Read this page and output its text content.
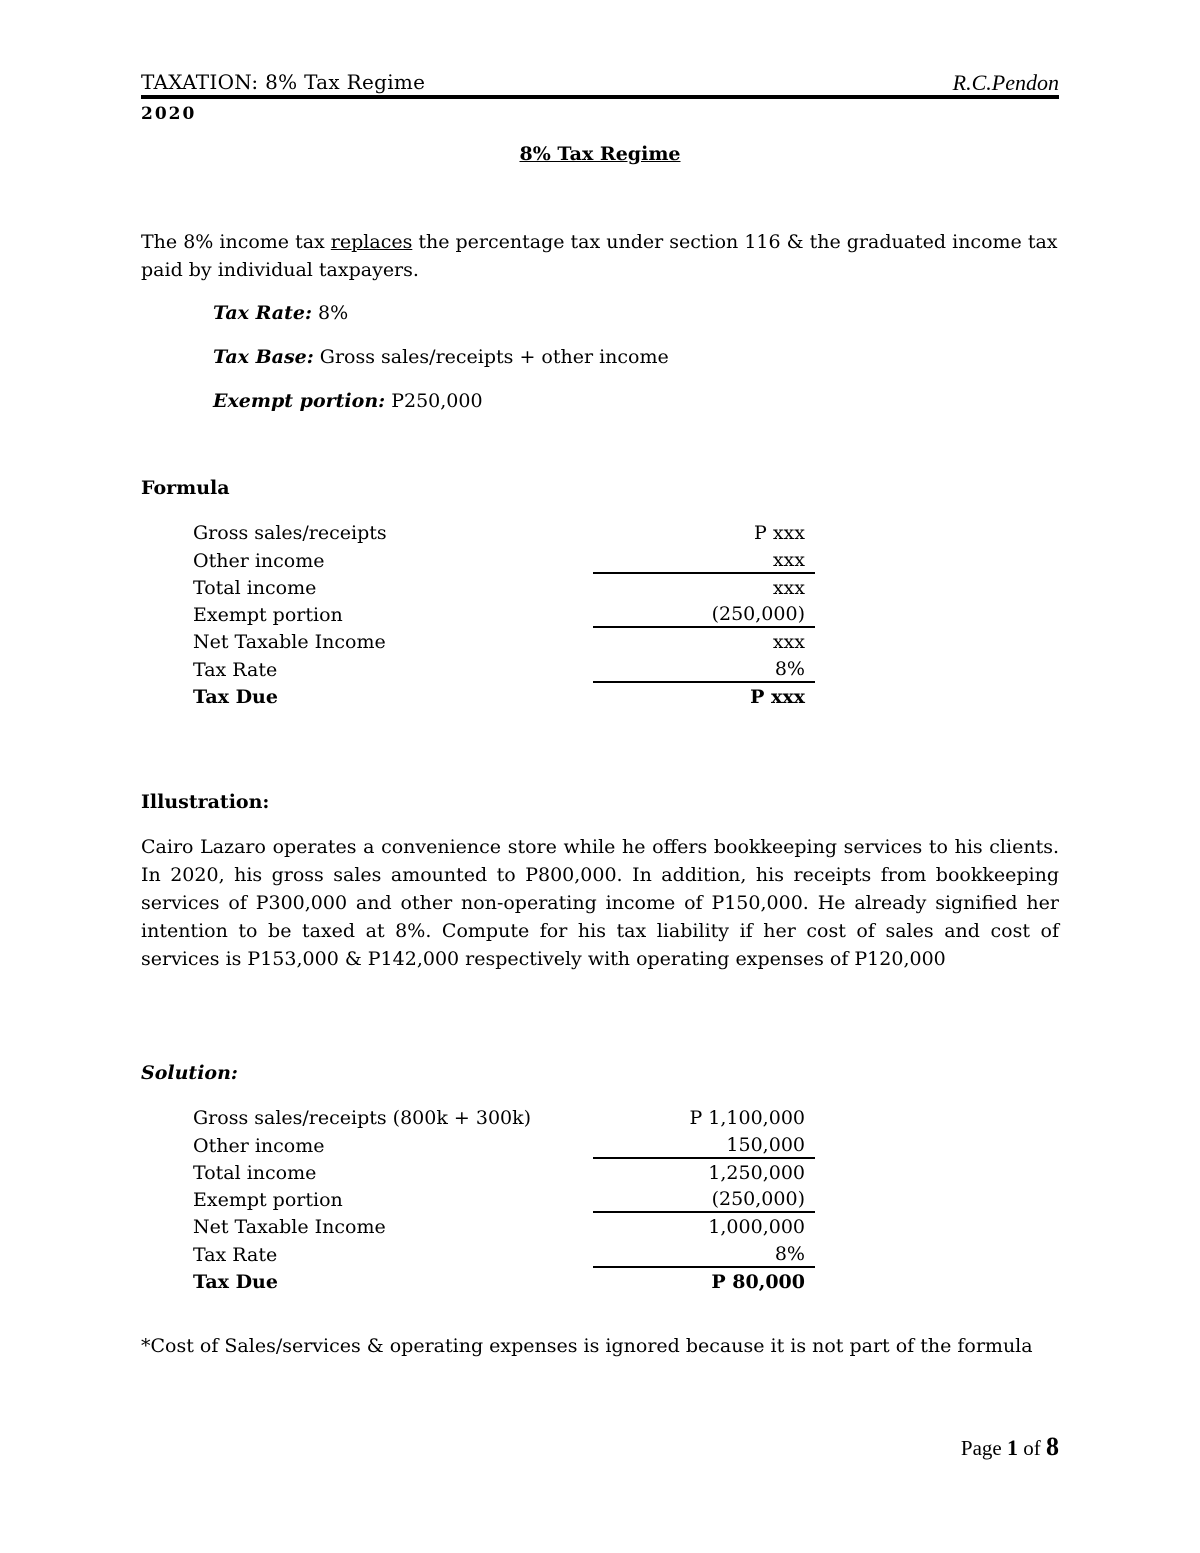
TAXATION: 8% Tax Regime	R.C.Pendon
2020
8% Tax Regime
The 8% income tax replaces the percentage tax under section 116 & the graduated income tax paid by individual taxpayers.
Tax Rate: 8%
Tax Base: Gross sales/receipts + other income
Exempt portion: P250,000
Formula
Gross sales/receipts	P xxx
Other income	xxx
Total income	xxx
Exempt portion	(250,000)
Net Taxable Income	xxx
Tax Rate	8%
Tax Due	P xxx
Illustration:
Cairo Lazaro operates a convenience store while he offers bookkeeping services to his clients. In 2020, his gross sales amounted to P800,000. In addition, his receipts from bookkeeping services of P300,000 and other non-operating income of P150,000. He already signified her intention to be taxed at 8%. Compute for his tax liability if her cost of sales and cost of services is P153,000 & P142,000 respectively with operating expenses of P120,000
Solution:
Gross sales/receipts (800k + 300k)	P 1,100,000
Other income	150,000
Total income	1,250,000
Exempt portion	(250,000)
Net Taxable Income	1,000,000
Tax Rate	8%
Tax Due	P 80,000
*Cost of Sales/services & operating expenses is ignored because it is not part of the formula
Page 1 of 8
